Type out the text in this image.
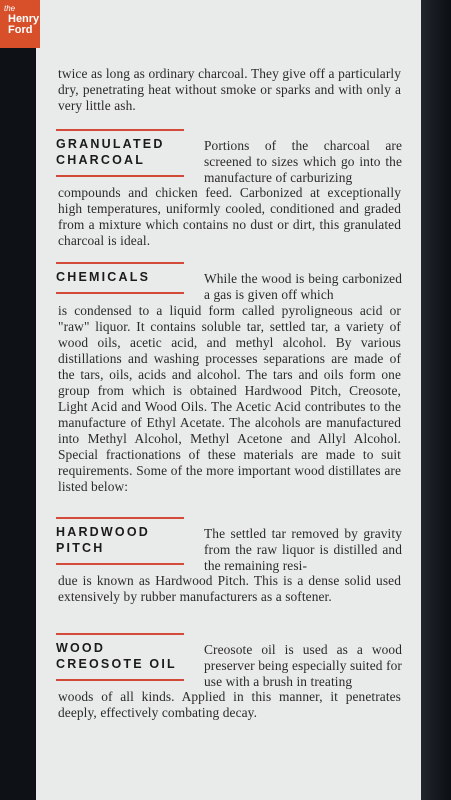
the
Henry
Ford

twice as long as ordinary charcoal. They give off a particularly dry, penetrating heat without smoke or sparks and with only a very little ash.

GRANULATED
CHARCOAL

Portions of the charcoal are screened to sizes which go into the manufacture of carburizing

compounds and chicken feed. Carbonized at exceptionally high temperatures, uniformly cooled, conditioned and graded from a mixture which contains no dust or dirt, this granulated charcoal is ideal.

CHEMICALS	While the wood is being carbonized a gas is given off which

is condensed to a liquid form called pyroligneous acid or "raw" liquor. It contains soluble tar, settled tar, a variety of wood oils, acetic acid, and methyl alcohol. By various distillations and washing processes separations are made of the tars, oils, acids and alcohol. The tars and oils form one group from which is obtained Hardwood Pitch, Creosote, Light Acid and Wood Oils. The Acetic Acid contributes to the manufacture of Ethyl Acetate. The alcohols are manufactured into Methyl Alcohol, Methyl Acetone and Allyl Alcohol. Special fractionations of these materials are made to suit requirements. Some of the more important wood distillates are listed below:

HARDWOOD
PITCH

The settled tar removed by gravity from the raw liquor is distilled and the remaining resi-

due is known as Hardwood Pitch. This is a dense solid used extensively by rubber manufacturers as a softener.

WOOD
CREOSOTE OIL

Creosote oil is used as a wood preserver being especially suited for use with a brush in treating

woods of all kinds. Applied in this manner, it penetrates deeply, effectively combating decay.
